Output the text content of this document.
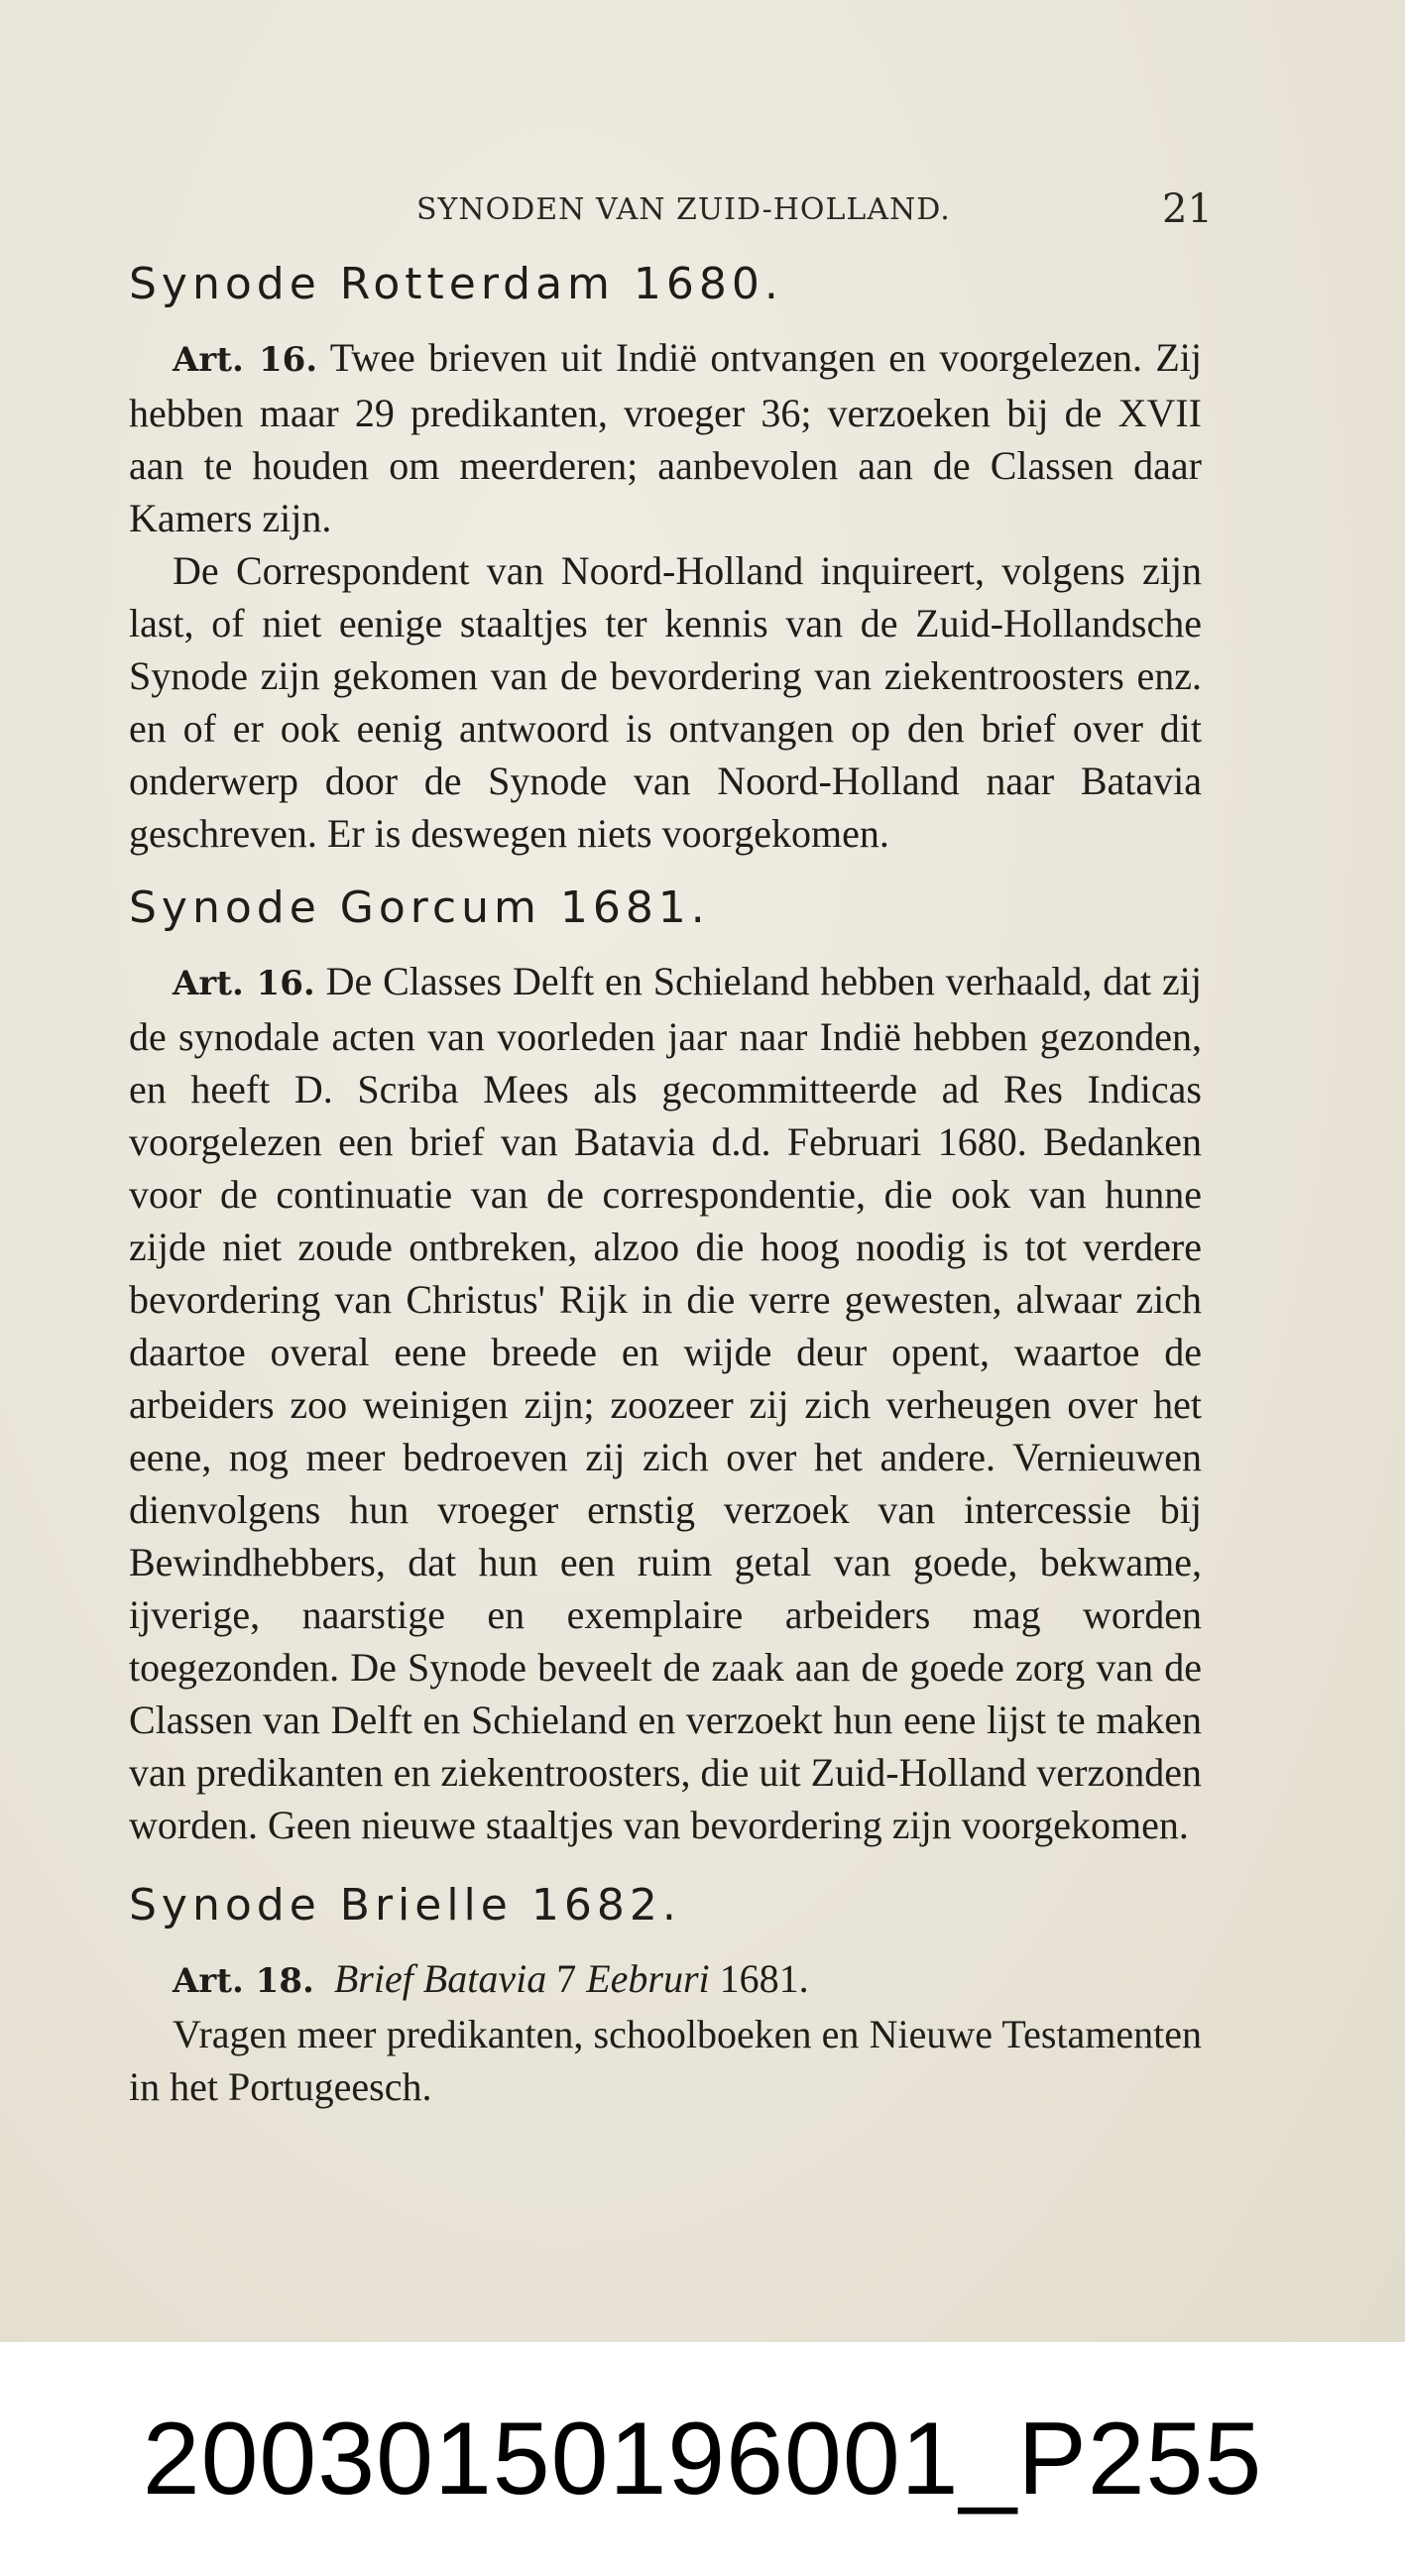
SYNODEN VAN ZUID-HOLLAND.	21
Synode Rotterdam 1680.

Art. 16. Twee brieven uit Indië ontvangen en voorgelezen. Zij hebben maar 29 predikanten, vroeger 36; verzoeken bij de XVII aan te houden om meerderen; aanbevolen aan de Classen daar Kamers zijn.

De Correspondent van Noord-Holland inquireert, volgens zijn last, of niet eenige staaltjes ter kennis van de Zuid-Hollandsche Synode zijn gekomen van de bevordering van ziekentroosters enz. en of er ook eenig antwoord is ontvangen op den brief over dit onderwerp door de Synode van Noord-Holland naar Batavia geschreven. Er is deswegen niets voorgekomen.

Synode Gorcum 1681.

Art. 16. De Classes Delft en Schieland hebben verhaald, dat zij de synodale acten van voorleden jaar naar Indië hebben gezonden, en heeft D. Scriba Mees als gecommitteerde ad Res Indicas voorgelezen een brief van Batavia d.d. Februari 1680. Bedanken voor de continuatie van de correspondentie, die ook van hunne zijde niet zoude ontbreken, alzoo die hoog noodig is tot verdere bevordering van Christus' Rijk in die verre gewesten, alwaar zich daartoe overal eene breede en wijde deur opent, waartoe de arbeiders zoo weinigen zijn; zoozeer zij zich verheugen over het eene, nog meer bedroeven zij zich over het andere. Vernieuwen dienvolgens hun vroeger ernstig verzoek van intercessie bij Bewindhebbers, dat hun een ruim getal van goede, bekwame, ijverige, naarstige en exemplaire arbeiders mag worden toegezonden. De Synode beveelt de zaak aan de goede zorg van de Classen van Delft en Schieland en verzoekt hun eene lijst te maken van predikanten en ziekentroosters, die uit Zuid-Holland verzonden worden. Geen nieuwe staaltjes van bevordering zijn voorgekomen.

Synode Brielle 1682.

Art. 18. Brief Batavia 7 Eebruri 1681.

Vragen meer predikanten, schoolboeken en Nieuwe Testamenten in het Portugeesch.

20030150196001_P255
